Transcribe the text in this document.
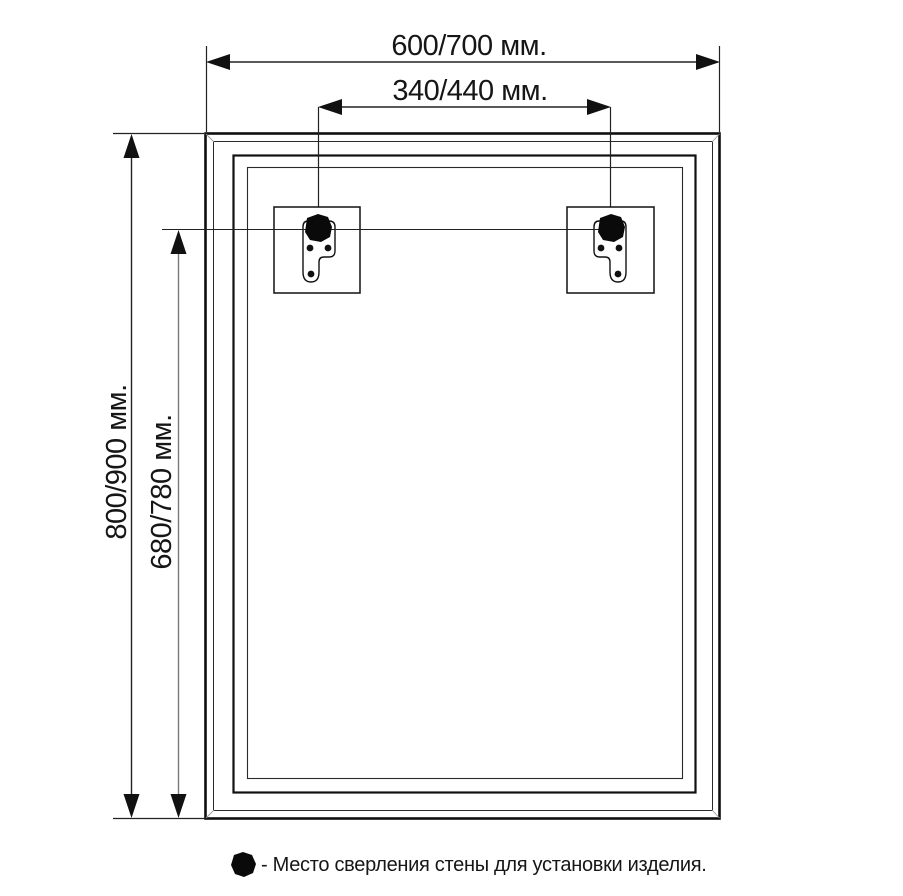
600/700 мм.
340/440 мм.
800/900 мм. 680/780 мм.
- Место сверления стены для установки изделия.
